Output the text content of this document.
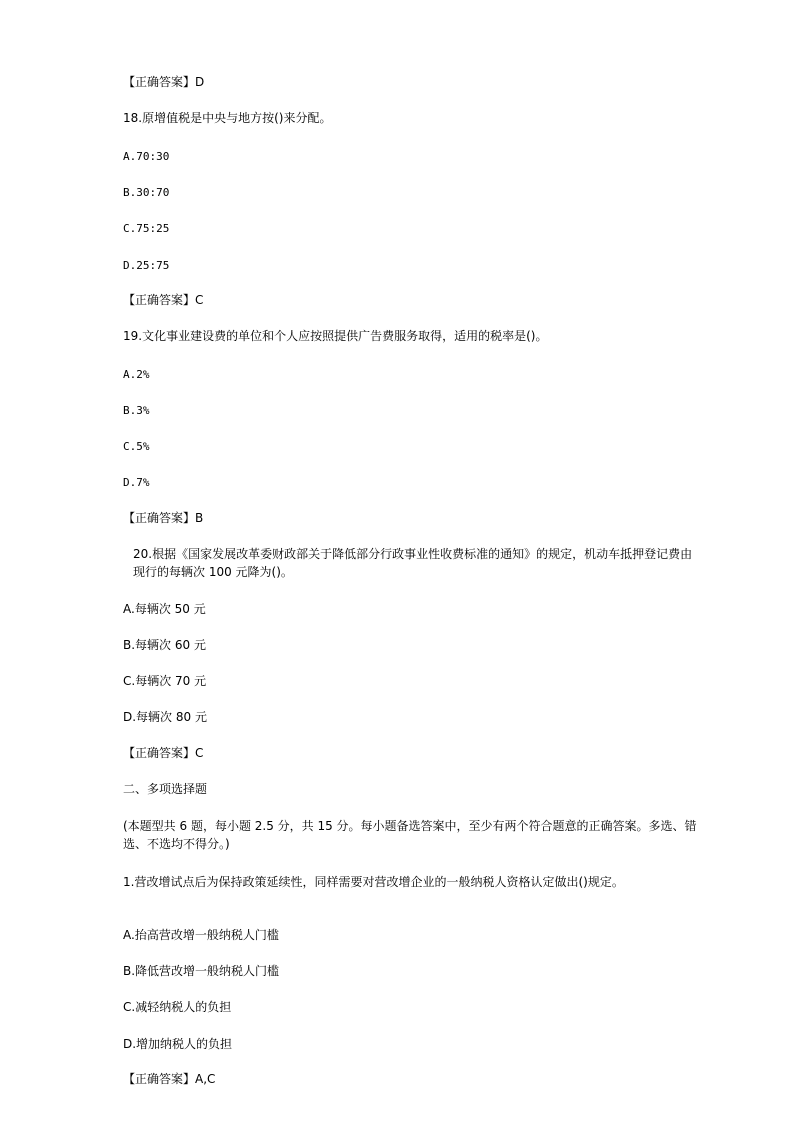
【正确答案】D
18.原增值税是中央与地方按()来分配。
A.70:30
B.30:70
C.75:25
D.25:75
【正确答案】C
19.文化事业建设费的单位和个人应按照提供广告费服务取得，适用的税率是()。
A.2%
B.3%
C.5%
D.7%
【正确答案】B
20.根据《国家发展改革委财政部关于降低部分行政事业性收费标准的通知》的规定，机动车抵押登记费由现行的每辆次 100 元降为()。
A.每辆次 50 元
B.每辆次 60 元
C.每辆次 70 元
D.每辆次 80 元
【正确答案】C
二、多项选择题
(本题型共 6 题，每小题 2.5 分，共 15 分。每小题备选答案中，至少有两个符合题意的正确答案。多选、错选、不选均不得分。)
1.营改增试点后为保持政策延续性，同样需要对营改增企业的一般纳税人资格认定做出()规定。
A.抬高营改增一般纳税人门槛
B.降低营改增一般纳税人门槛
C.减轻纳税人的负担
D.增加纳税人的负担
【正确答案】A,C
